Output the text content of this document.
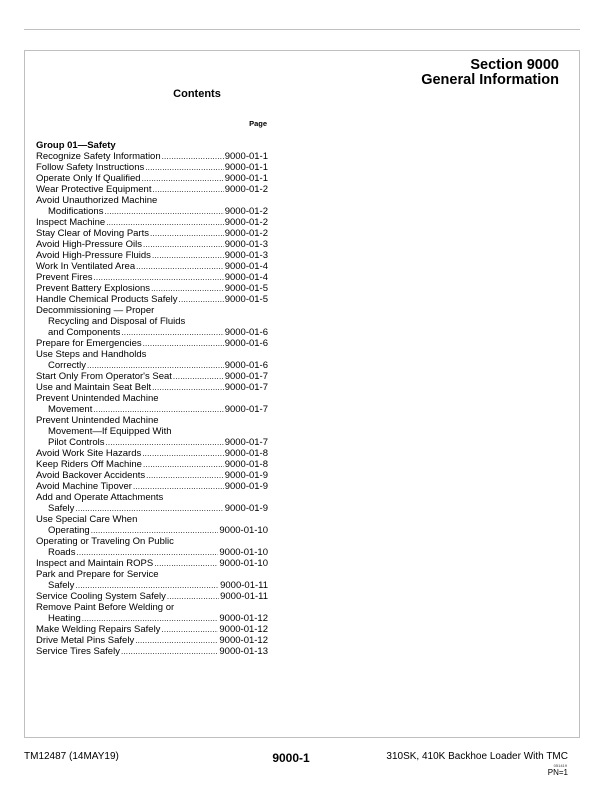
Section 9000
General Information
Contents
Page
Group 01—Safety
Recognize Safety Information .....	9000-01-1
Follow Safety Instructions .....	9000-01-1
Operate Only If Qualified .....	9000-01-1
Wear Protective Equipment .....	9000-01-2
Avoid Unauthorized Machine
Modifications .....	9000-01-2
Inspect Machine .....	9000-01-2
Stay Clear of Moving Parts .....	9000-01-2
Avoid High-Pressure Oils .....	9000-01-3
Avoid High-Pressure Fluids .....	9000-01-3
Work In Ventilated Area .....	9000-01-4
Prevent Fires .....	9000-01-4
Prevent Battery Explosions .....	9000-01-5
Handle Chemical Products Safely .....	9000-01-5
Decommissioning — Proper
Recycling and Disposal of Fluids
and Components .....	9000-01-6
Prepare for Emergencies .....	9000-01-6
Use Steps and Handholds
Correctly .....	9000-01-6
Start Only From Operator's Seat .....	9000-01-7
Use and Maintain Seat Belt .....	9000-01-7
Prevent Unintended Machine
Movement .....	9000-01-7
Prevent Unintended Machine
Movement—If Equipped With
Pilot Controls .....	9000-01-7
Avoid Work Site Hazards .....	9000-01-8
Keep Riders Off Machine .....	9000-01-8
Avoid Backover Accidents .....	9000-01-9
Avoid Machine Tipover .....	9000-01-9
Add and Operate Attachments
Safely .....	9000-01-9
Use Special Care When
Operating .....	9000-01-10
Operating or Traveling On Public
Roads .....	9000-01-10
Inspect and Maintain ROPS .....	9000-01-10
Park and Prepare for Service
Safely .....	9000-01-11
Service Cooling System Safely .....	9000-01-11
Remove Paint Before Welding or
Heating .....	9000-01-12
Make Welding Repairs Safely .....	9000-01-12
Drive Metal Pins Safely .....	9000-01-12
Service Tires Safely .....	9000-01-13
TM12487 (14MAY19)	9000-1	310SK, 410K Backhoe Loader With TMC
051419
PN=1
